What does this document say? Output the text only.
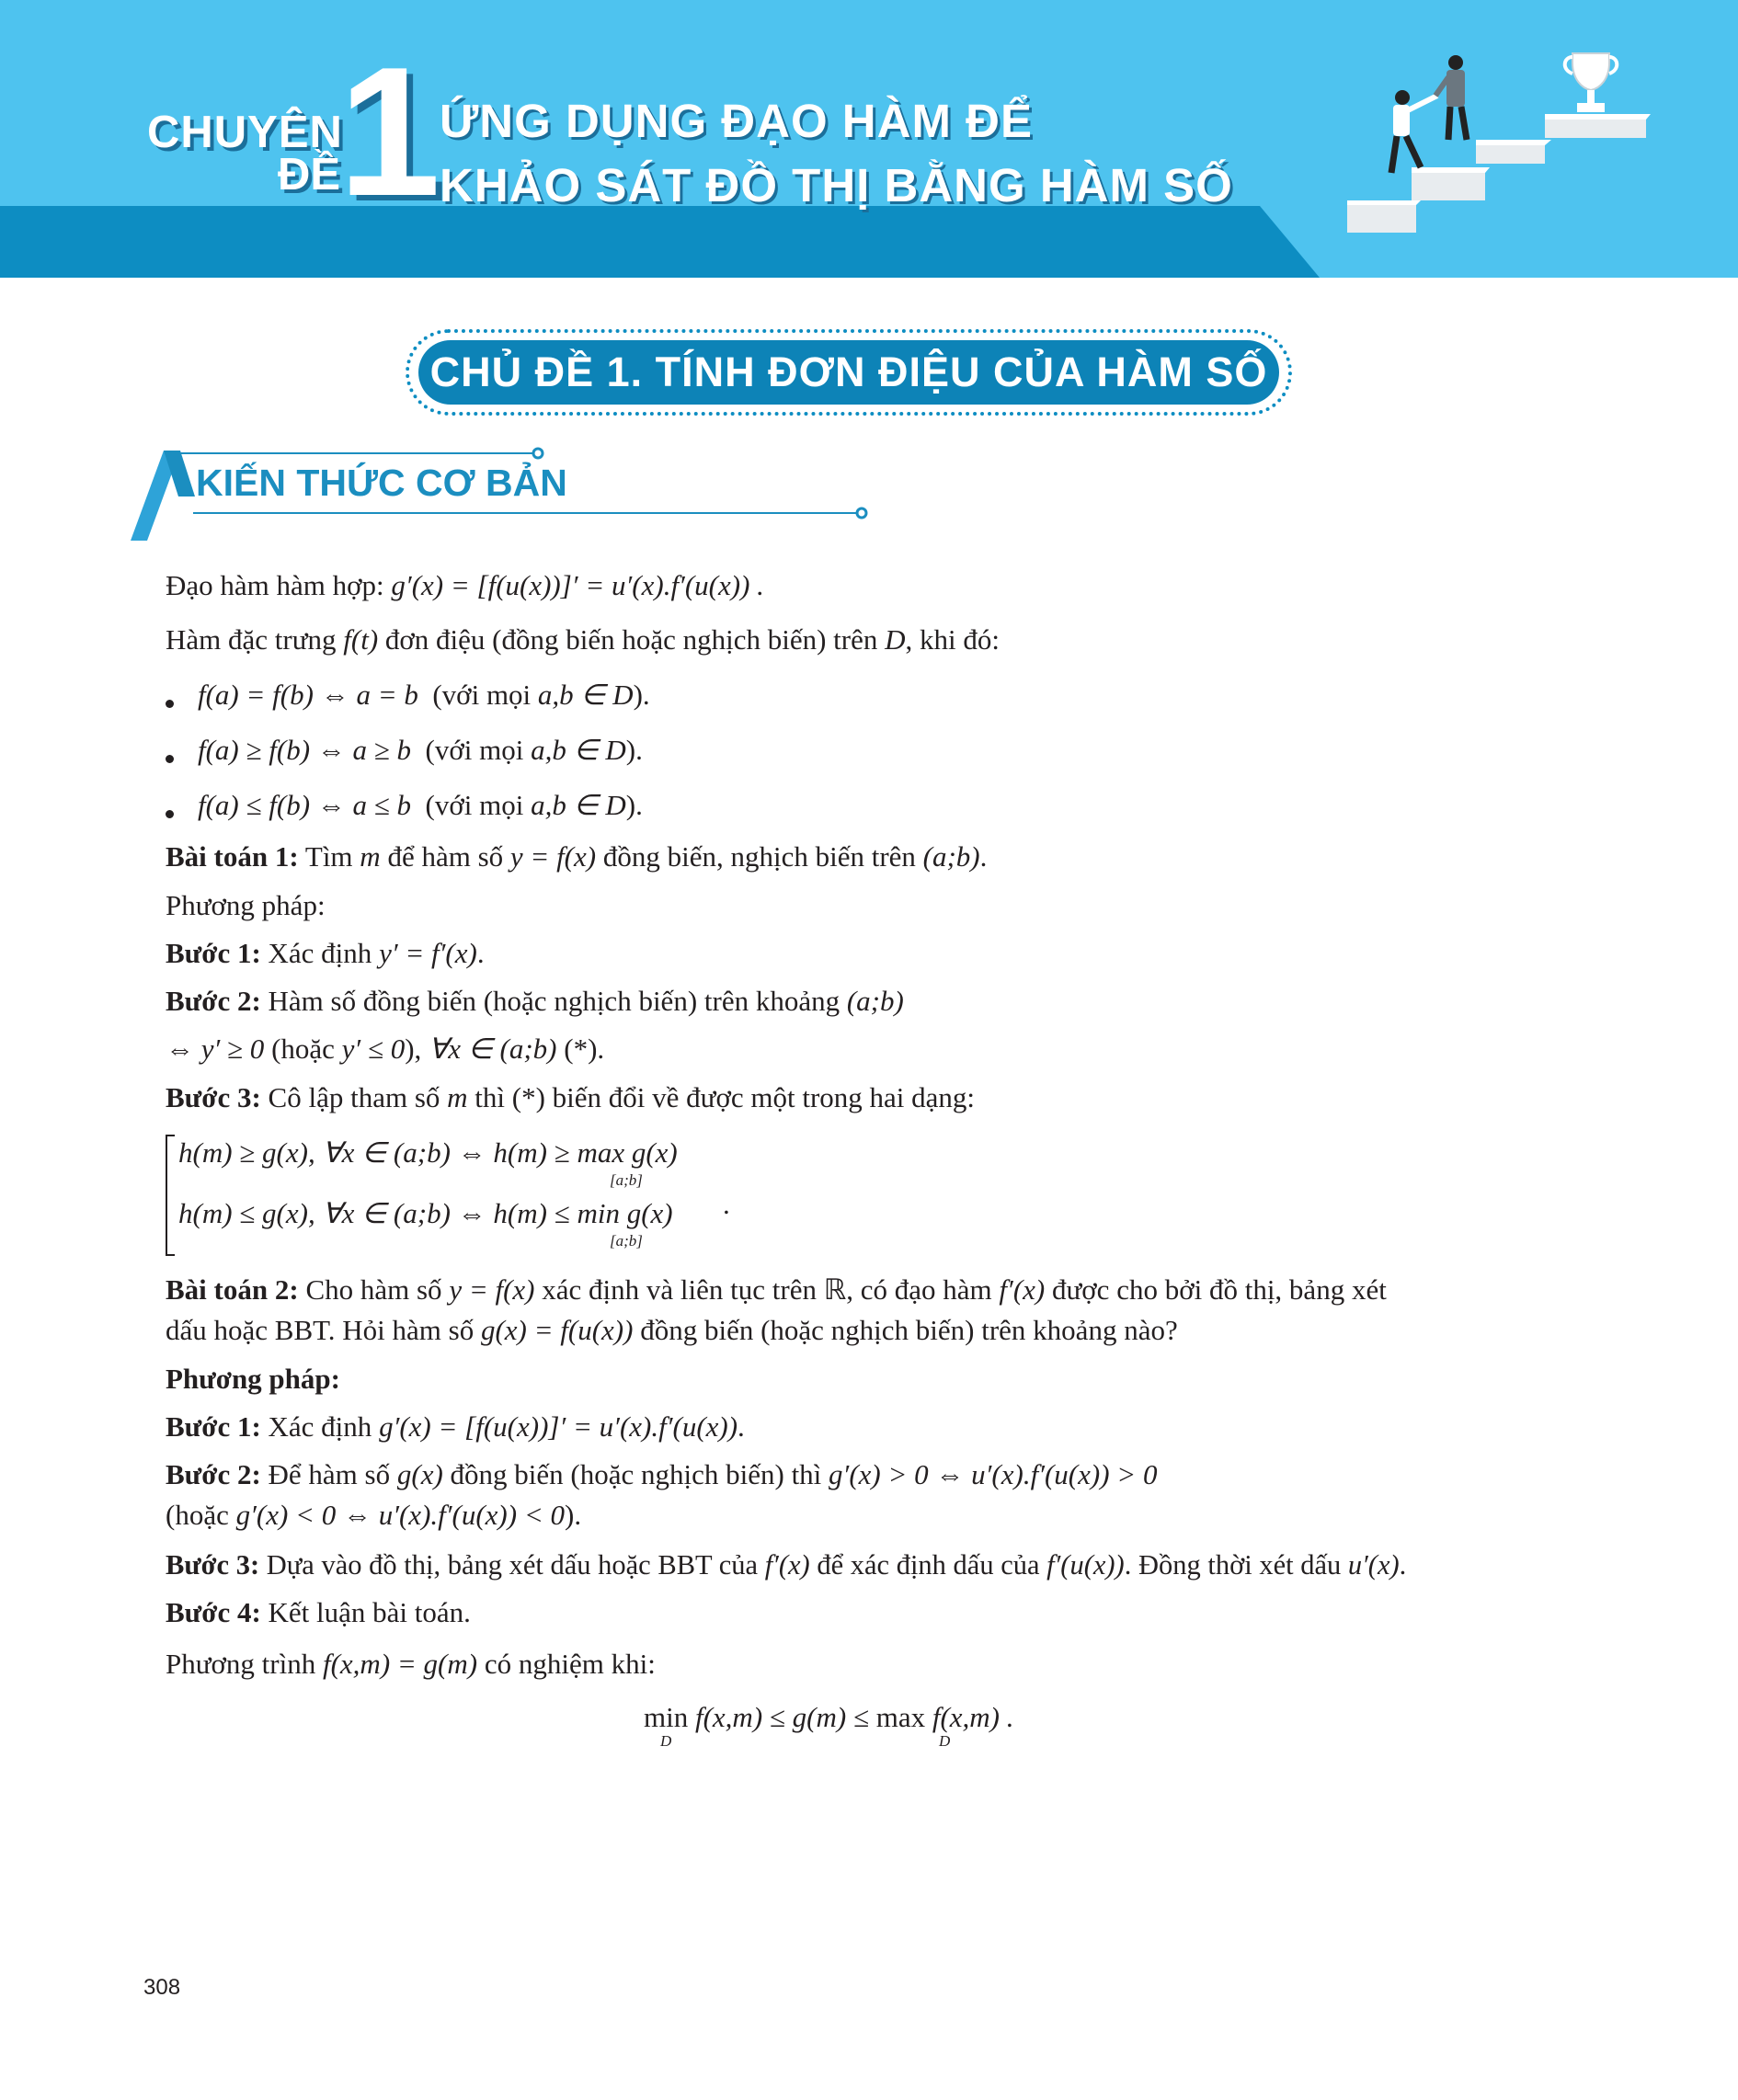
CHUYÊN
ĐỀ
1
ỨNG DỤNG ĐẠO HÀM ĐỂ
KHẢO SÁT ĐỒ THỊ BẰNG HÀM SỐ
CHỦ ĐỀ 1. TÍNH ĐƠN ĐIỆU CỦA HÀM SỐ
KIẾN THỨC CƠ BẢN
Đạo hàm hàm hợp: g′(x) = [f(u(x))]′ = u′(x).f′(u(x)) .
Hàm đặc trưng f(t) đơn điệu (đồng biến hoặc nghịch biến) trên D, khi đó:
f(a) = f(b) ⇔ a = b (với mọi a,b ∈ D).
f(a) ≥ f(b) ⇔ a ≥ b (với mọi a,b ∈ D).
f(a) ≤ f(b) ⇔ a ≤ b (với mọi a,b ∈ D).
Bài toán 1: Tìm m để hàm số y = f(x) đồng biến, nghịch biến trên (a;b).
Phương pháp:
Bước 1: Xác định y′ = f′(x).
Bước 2: Hàm số đồng biến (hoặc nghịch biến) trên khoảng (a;b)
⇔ y′ ≥ 0 (hoặc y′ ≤ 0), ∀x ∈ (a;b) (*).
Bước 3: Cô lập tham số m thì (*) biến đổi về được một trong hai dạng:
h(m) ≥ g(x), ∀x ∈ (a;b) ⇔ h(m) ≥ max g(x)
[a;b]
h(m) ≤ g(x), ∀x ∈ (a;b) ⇔ h(m) ≤ min g(x)
[a;b]
.
Bài toán 2: Cho hàm số y = f(x) xác định và liên tục trên ℝ, có đạo hàm f′(x) được cho bởi đồ thị, bảng xét
dấu hoặc BBT. Hỏi hàm số g(x) = f(u(x)) đồng biến (hoặc nghịch biến) trên khoảng nào?
Phương pháp:
Bước 1: Xác định g′(x) = [f(u(x))]′ = u′(x).f′(u(x)).
Bước 2: Để hàm số g(x) đồng biến (hoặc nghịch biến) thì g′(x) > 0 ⇔ u′(x).f′(u(x)) > 0
(hoặc g′(x) < 0 ⇔ u′(x).f′(u(x)) < 0).
Bước 3: Dựa vào đồ thị, bảng xét dấu hoặc BBT của f′(x) để xác định dấu của f′(u(x)). Đồng thời xét dấu u′(x).
Bước 4: Kết luận bài toán.
Phương trình f(x,m) = g(m) có nghiệm khi:
min f(x,m) ≤ g(m) ≤ max f(x,m) .
D	D
308
